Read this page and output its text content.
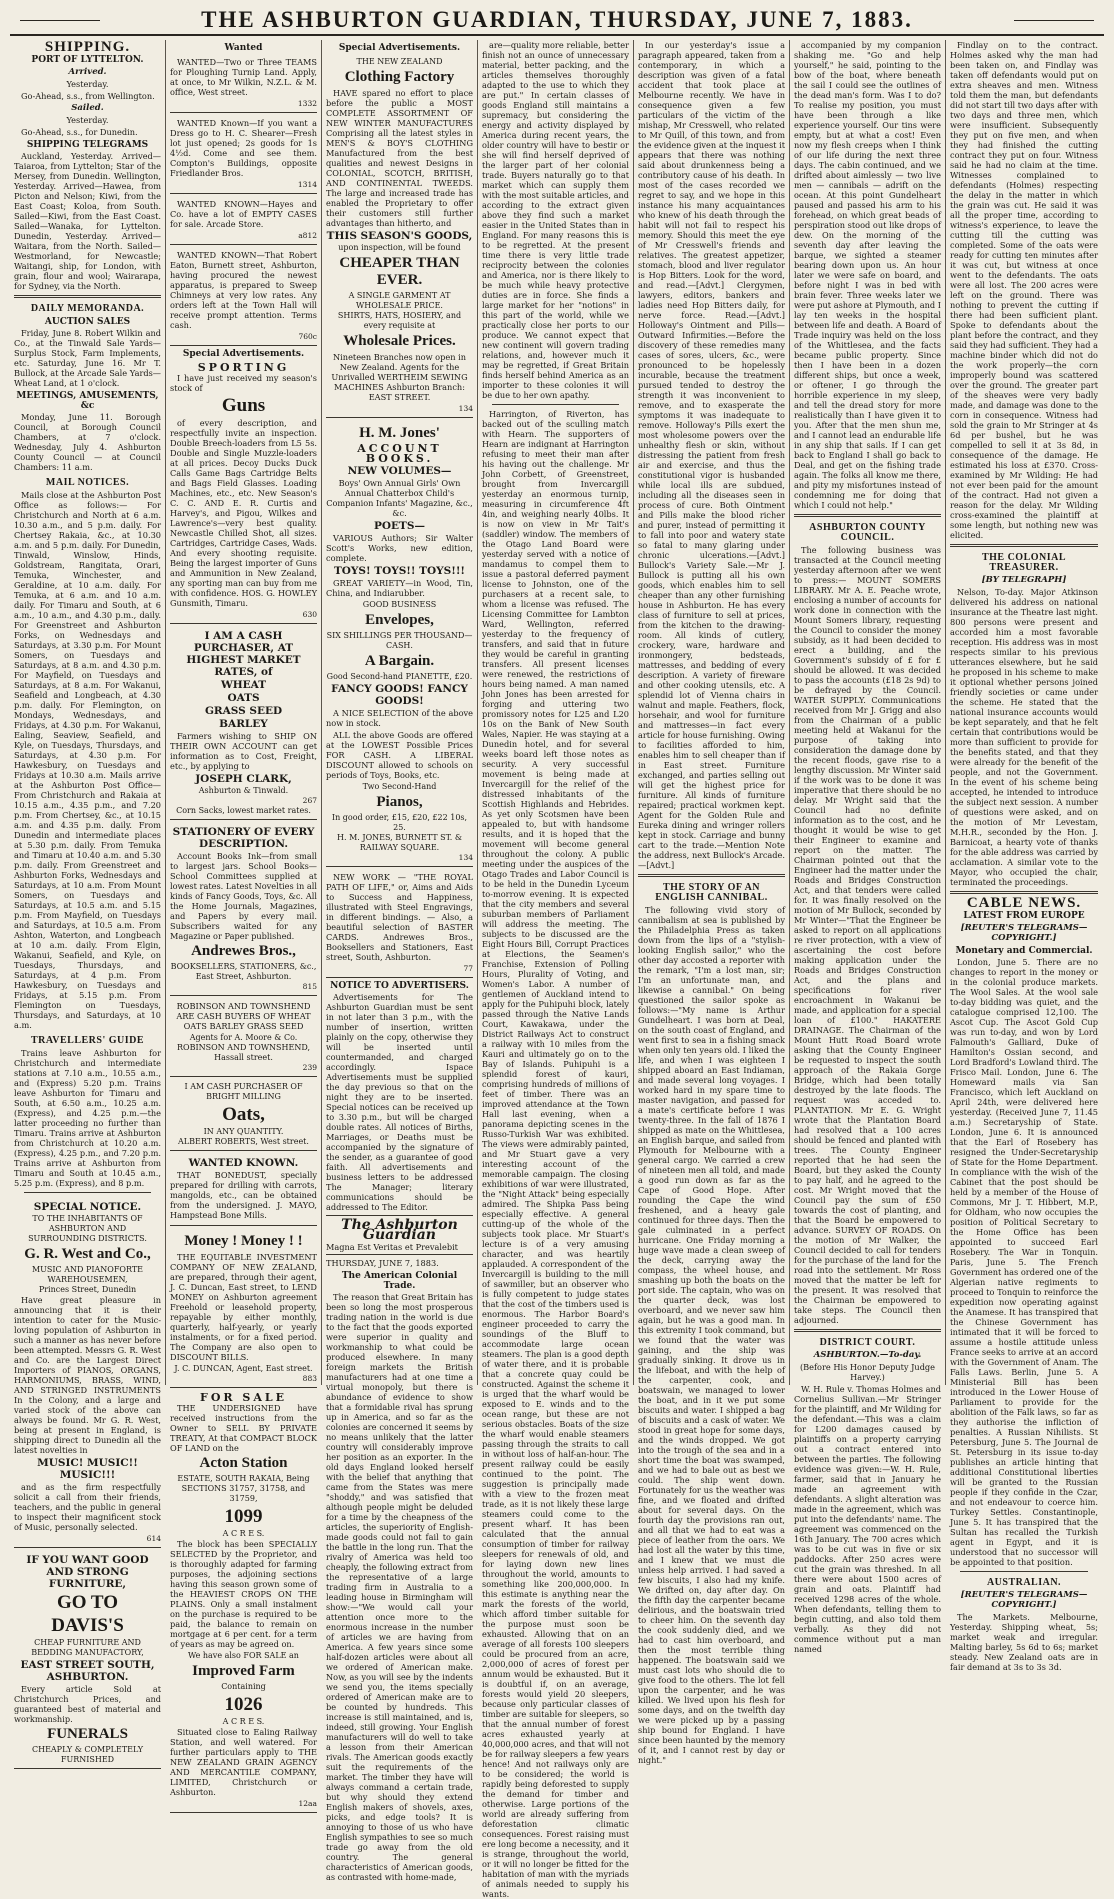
THE ASHBURTON GUARDIAN, THURSDAY, JUNE 7, 1883.
SHIPPING.
PORT OF LYTTELTON.
Arrived.

Yesterday.

Go-Ahead, s.s., from Wellington.

Sailed.

Yesterday.

Go-Ahead, s.s., for Dunedin.

SHIPPING TELEGRAMS

Auckland, Yesterday. Arrived—Taiaroa, from Lyttelton; Star of the Mersey, from Dunedin. Wellington, Yesterday. Arrived—Hawea, from Picton and Nelson; Kiwi, from the East Coast; Koloa, from South. Sailed—Kiwi, from the East Coast. Sailed—Wanaka, for Lyttelton. Dunedin, Yesterday. Arrived—Waitara, from the North. Sailed—Westmorland, for Newcastle; Waitangi, ship, for London, with grain, flour and wool; Wairarapa, for Sydney, via the North.

DAILY MEMORANDA.
AUCTION SALES

Friday, June 8. Robert Wilkin and Co., at the Tinwald Sale Yards—Surplus Stock, Farm Implements, etc. Saturday, June 16. Mr T. Bullock, at the Arcade Sale Yards—Wheat Land, at 1 o'clock.

MEETINGS, AMUSEMENTS, &c

Monday, June 11. Borough Council, at Borough Council Chambers, at 7 o'clock. Wednesday, July 4. Ashburton County Council — at Council Chambers: 11 a.m.

MAIL NOTICES.

Mails close at the Ashburton Post Office as follows:— For Christchurch and North at 6 a.m. 10.30 a.m., and 5 p.m. daily. For Chertsey Rakaia, &c., at 10.30 a.m. and 5 p.m. daily. For Dunedin, Tinwald, Winslow, Hinds, Goldstream, Rangitata, Orari, Temuka, Winchester, and Geraldine, at 10 a.m. daily. For Temuka, at 6 a.m. and 10 a.m. daily. For Timaru and South, at 6 a.m., 10 a.m., and 4.30 p.m., daily. For Greenstreet and Ashburton Forks, on Wednesdays and Saturdays, at 3.30 p.m. For Mount Somers, on Tuesdays and Saturdays, at 8 a.m. and 4.30 p.m. For Mayfield, on Tuesdays and Saturdays, at 8 a.m. For Wakanui, Seafield and Longbeach, at 4.30 p.m. daily. For Flemington, on Mondays, Wednesdays, and Fridays, at 4.30 p.m. For Wakanui, Ealing, Seaview, Seafield, and Kyle, on Tuesdays, Thursdays, and Saturdays, at 4.30 p.m. For Hawkesbury, on Tuesdays and Fridays at 10.30 a.m. Mails arrive at the Ashburton Post Office— From Christchurch and Rakaia at 10.15 a.m., 4.35 p.m., and 7.20 p.m. From Chertsey, &c., at 10.15 a.m. and 4.35 p.m. daily. From Dunedin and intermediate places at 5.30 p.m. daily. From Temuka and Timaru at 10.40 a.m. and 5.30 p.m. daily. From Greenstreet and Ashburton Forks, Wednesdays and Saturdays, at 10 a.m. From Mount Somers, on Tuesdays and Saturdays, at 10.5 a.m. and 5.15 p.m. From Mayfield, on Tuesdays and Saturdays, at 10.5 a.m. From Ashton, Waterton, and Longbeach at 10 a.m. daily. From Elgin, Wakanui, Seafield, and Kyle, on Tuesdays, Thursdays, and Saturdays, at 4 p.m. From Hawkesbury, on Tuesdays and Fridays, at 5.15 p.m. From Flemington on Tuesdays, Thursdays, and Saturdays, at 10 a.m.

TRAVELLERS' GUIDE

Trains leave Ashburton for Christchurch and intermediate stations at 7.10 a.m., 10.55 a.m., and (Express) 5.20 p.m. Trains leave Ashburton for Timaru and South, at 6.50 a.m., 10.25 a.m. (Express), and 4.25 p.m.—the latter proceeding no further than Timaru. Trains arrive at Ashburton from Christchurch at 10.20 a.m. (Express), 4.25 p.m., and 7.20 p.m. Trains arrive at Ashburton from Timaru and South at 10.45 a.m., 5.25 p.m. (Express), and 8 p.m.

SPECIAL NOTICE.
TO THE INHABITANTS OF ASHBURTON AND SURROUNDING DISTRICTS.
G. R. West and Co.,
MUSIC AND PIANOFORTE WAREHOUSEMEN,
Princes Street, Dunedin

Have great pleasure in announcing that it is their intention to cater for the Music-loving population of Ashburton in such a manner as has never before been attempted. Messrs G. R. West and Co. are the Largest Direct Importers of PIANOS, ORGANS, HARMONIUMS, BRASS, WIND, AND STRINGED INSTRUMENTS In the Colony, and a large and varied stock of the above can always be found. Mr G. R. West, being at present in England, is shipping direct to Dunedin all the latest novelties in

MUSIC! MUSIC!! MUSIC!!!

and as the firm respectfully solicit a call from their friends, teachers, and the public in general to inspect their magnificent stock of Music, personally selected.

614
IF YOU WANT GOOD AND STRONG FURNITURE,
GO TO
DAVIS'S
CHEAP FURNITURE AND BEDDING MANUFACTORY,
EAST STREET SOUTH, ASHBURTON.

Every article Sold at Christchurch Prices, and guaranteed best of material and workmanship.

FUNERALS
CHEAPLY & COMPLETELY FURNISHED
Wanted

WANTED—Two or Three TEAMS for Ploughing Turnip Land. Apply, at once, to Mr Wilkin, N.Z.L. & M. office, West street.

1332

WANTED Known—If you want a Dress go to H. C. Shearer—Fresh lot just opened; 2s goods for 1s 4½d. Come and see them. Compton's Buildings, opposite Friedlander Bros.

1314

WANTED KNOWN—Hayes and Co. have a lot of EMPTY CASES for sale. Arcade Store.

a812

WANTED KNOWN—That Robert Eaton, Burnett street, Ashburton, having procured the newest apparatus, is prepared to Sweep Chimneys at very low rates. Any orders left at the Town Hall will receive prompt attention. Terms cash.

760c
Special Advertisements.
SPORTING

I have just received my season's stock of

Guns

of every description, and respectfully invite an inspection. Double Breech-loaders from L5 5s. Double and Single Muzzle-loaders at all prices. Decoy Ducks Duck Calls Game Bags Cartridge Belts and Bags Field Glasses. Loading Machines, etc., etc. New Season's C. C. AND E. R. Curtis and Harvey's, and Pigou, Wilkes and Lawrence's—very best quality. Newcastle Chilled Shot, all sizes. Cartridges, Cartridge Cases, Wads. And every shooting requisite. Being the largest importer of Guns and Ammunition in New Zealand, any sporting man can buy from me with confidence. HOS. G. HOWLEY Gunsmith, Timaru.

630
I AM A CASH PURCHASER, AT HIGHEST MARKET RATES, of
WHEAT
OATS
GRASS SEED
BARLEY

Farmers wishing to SHIP ON THEIR OWN ACCOUNT can get information as to Cost, Freight, etc., by applying to

JOSEPH CLARK,
Ashburton & Tinwald.
267
Corn Sacks, lowest market rates.
STATIONERY OF EVERY DESCRIPTION.

Account Books Ink—from small to largest jars. School Books—School Committees supplied at lowest rates. Latest Novelties in all kinds of Fancy Goods, Toys, &c. All the Home Journals, Magazines, and Papers by every mail. Subscribers waited for any Magazine or Paper published.

Andrewes Bros.,
BOOKSELLERS, STATIONERS, &c., East Street, Ashburton.
815

ROBINSON AND TOWNSHEND ARE CASH BUYERS OF WHEAT OATS BARLEY GRASS SEED

Agents for A. Moore & Co.
ROBINSON AND TOWNSHEND, Hassall street.
239
I AM CASH PURCHASER OF BRIGHT MILLING
Oats,
IN ANY QUANTITY.
ALBERT ROBERTS, West street.
WANTED KNOWN.

THAT BONEDUST, specially prepared for drilling with carrots, mangolds, etc., can be obtained from the undersigned. J. MAYO, Hampstead Bone Mills.

Money ! Money ! !

THE EQUITABLE INVESTMENT COMPANY OF NEW ZEALAND, are prepared, through their agent, J. C. Duncan, East street, to LEND MONEY on Ashburton agreement Freehold or leasehold property, repayable by either monthly, quarterly, half-yearly, or yearly instalments, or for a fixed period. The Company are also open to DISCOUNT BILLS.

J. C. DUNCAN, Agent, East street.
883
FOR SALE

THE UNDERSIGNED have received instructions from the Owner to SELL BY PRIVATE TREATY, At that COMPACT BLOCK OF LAND on the

Acton Station
ESTATE, SOUTH RAKAIA, Being SECTIONS 31757, 31758, and 31759,
1099
A C R E S.

The block has been SPECIALLY SELECTED by the Proprietor, and is thoroughly adapted for farming purposes, the adjoining sections having this season grown some of the HEAVIEST CROPS ON THE PLAINS. Only a small instalment on the purchase is required to be paid, the balance to remain on mortgage at 6 per cent. for a term of years as may be agreed on.

We have also FOR SALE an
Improved Farm
Containing
1026
A C R E S.

Situated close to Ealing Railway Station, and well watered. For further particulars apply to THE NEW ZEALAND GRAIN AGENCY AND MERCANTILE COMPANY, LIMITED, Christchurch or Ashburton.

12aa
Special Advertisements.
THE NEW ZEALAND
Clothing Factory

HAVE spared no effort to place before the public a MOST COMPLETE ASSORTMENT OF NEW WINTER MANUFACTURES Comprising all the latest styles in MEN'S & BOY'S CLOTHING Manufactured from the best qualities and newest Designs in COLONIAL, SCOTCH, BRITISH, AND CONTINENTAL TWEEDS. The large and increased trade has enabled the Proprietary to offer their customers still further advantages than hitherto, and

THIS SEASON'S GOODS,
upon inspection, will be found
CHEAPER THAN EVER.
A SINGLE GARMENT AT WHOLESALE PRICE.
SHIRTS, HATS, HOSIERY, and every requisite at
Wholesale Prices.

Nineteen Branches now open in New Zealand. Agents for the Unrivalled WERTHEIM SEWING MACHINES Ashburton Branch: EAST STREET.

134
H. M. Jones'
ACCOUNT BOOKS.
NEW VOLUMES—

Boys' Own Annual Girls' Own Annual Chatterbox Child's Companion Infants' Magazine, &c., &c.

POETS—

VARIOUS Authors; Sir Walter Scott's Works, new edition, complete.

TOYS! TOYS!! TOYS!!!

GREAT VARIETY—in Wood, Tin, China, and Indiarubber.

GOOD BUSINESS
Envelopes,
SIX SHILLINGS PER THOUSAND—CASH.
A Bargain.
Good Second-hand PIANETTE, £20.
FANCY GOODS! FANCY GOODS!

A NICE SELECTION of the above now in stock.

ALL the above Goods are offered at the LOWEST Possible Prices FOR CASH. A LIBERAL DISCOUNT allowed to schools on periods of Toys, Books, etc.

Two Second-Hand
Pianos,
In good order, £15, £20, £22 10s, 25.
H. M. JONES, BURNETT ST. & RAILWAY SQUARE.
134

NEW WORK — "THE ROYAL PATH OF LIFE," or, Aims and Aids to Success and Happiness, illustrated with Steel Engravings, in different bindings. — Also, a beautiful selection of BASTER CARDS. Andrewes Bros., Booksellers and Stationers, East street, South, Ashburton.

77
NOTICE TO ADVERTISERS.

Advertisements for The Ashburton Guardian must be sent in not later than 3 p.m., with the number of insertion, written plainly on the copy, otherwise they will be inserted until countermanded, and charged accordingly. Ispace Advertisements must be supplied the day previous so that on the night they are to be inserted. Special notices can be received up to 3.30 p.m., but will be charged double rates. All notices of Births, Marriages, or Deaths must be accompanied by the signature of the sender, as a guarantee of good faith. All advertisements and business letters to be addressed The Manager; literary communications should be addressed to The Editor.

The Ashburton Guardian
Magna Est Veritas et Prevalebit
THURSDAY, JUNE 7, 1883.
The American Colonial Trade.

The reason that Great Britain has been so long the most prosperous trading nation in the world is due to the fact that the goods exported were superior in quality and workmanship to what could be produced elsewhere. In many foreign markets the British manufacturers had at one time a virtual monopoly, but there is abundance of evidence to show that a formidable rival has sprung up in America, and so far as the colonies are concerned it seems by no means unlikely that the latter country will considerably improve her position as an exporter. In the old days England looked herself with the belief that anything that came from the States was mere "shoddy," and was satisfied that although people might be deluded for a time by the cheapness of the articles, the superiority of English-made goods could not fail to gain the battle in the long run. That the rivalry of America was held too cheaply, the following extract from the representative of a large trading firm in Australia to a leading house in Birmingham will show:—"We would call your attention once more to the enormous increase in the number of articles we are having from America. A few years since some half-dozen articles were about all we ordered of American make. Now, as you will see by the indents we send you, the items specially ordered of American make are to be counted by hundreds. This increase is still maintained, and is, indeed, still growing. Your English manufacturers will do well to take a lesson from their American rivals. The American goods exactly suit the requirements of the market. The timber they have will always command a certain trade, but why should they extend English makers of shovels, axes, picks, and edge tools? It is annoying to those of us who have English sympathies to see so much trade go away from the old country. The general characteristics of American goods, as contrasted with home-made,

are—quality more reliable, better finish not an ounce of unnecessary material, better packing, and the articles themselves thoroughly adapted to the use to which they are put." In certain classes of goods England still maintains a supremacy, but considering the energy and activity displayed by America during recent years, the older country will have to bestir or she will find herself deprived of the larger part of her colonial trade. Buyers naturally go to that market which can supply them with the most suitable articles, and according to the extract given above they find such a market easier in the United States than in England. For many reasons this is to be regretted. At the present time there is very little trade reciprocity between the colonies and America, nor is there likely to be much while heavy protective duties are in force. She finds a large market for her "notions" in this part of the world, while we practically close her ports to our produce. We cannot expect that new continent will govern trading relations, and, however much it may be regretted, if Great Britain finds herself behind America as an importer to these colonies it will be due to her own apathy.

Harrington, of Riverton, has backed out of the sculling match with Hearn. The supporters of Hearn are indignant at Harrington refusing to meet their man after his having out the challenge. Mr John Corbett, of Greenstreet, brought from Invercargill yesterday an enormous turnip, measuring in circumference 4ft 4in, and weighing nearly 40lbs. It is now on view in Mr Tait's (saddler) window. The members of the Otago Land Board were yesterday served with a notice of mandamus to compel them to issue a pastoral deferred payment license to Johnston, one of the purchasers at a recent sale, to whom a license was refused. The Licensing Committee for Lambton Ward, Wellington, referred yesterday to the frequency of transfers, and said that in future they would be careful in granting transfers. All present licenses were renewed, the restrictions of hours being named. A man named John Jones has been arrested for forging and uttering two promissory notes for L25 and L20 10s on the Bank of New South Wales, Napier. He was staying at a Dunedin hotel, and for several weeks board left those notes as security. A very successful movement is being made at Invercargill for the relief of the distressed inhabitants of the Scottish Highlands and Hebrides. As yet only Scotsmen have been appealed to, but with handsome results, and it is hoped that the movement will become general throughout the colony. A public meeting under the auspices of the Otago Trades and Labor Council is to be held in the Dunedin Lyceum to-morrow evening. It is expected that the city members and several suburban members of Parliament will address the meeting. The subjects to be discussed are the Eight Hours Bill, Corrupt Practices at Elections, the Seamen's Franchise, Extension of Polling Hours, Plurality of Voting, and Women's Labor. A number of gentlemen of Auckland intend to apply for the Puhipuhi block, lately passed through the Native Lands Court, Kawakawa, under the District Railways Act to construct a railway with 10 miles from the Kauri and ultimately go on to the Bay of Islands. Puhipuhi is a splendid forest of kauri, comprising hundreds of millions of feet of timber. There was an improved attendance at the Town Hall last evening, when a panorama depicting scenes in the Russo-Turkish War was exhibited. The views were admirably painted, and Mr Stuart gave a very interesting account of the memorable campaign. The closing exhibitions of war were illustrated, the "Night Attack" being especially admired. The Shipka Pass being especially effective. A general cutting-up of the whole of the subjects took place. Mr Stuart's lecture is of a very amusing character, and was heartily applauded. A correspondent of the Invercargill is building to the mill of sawmiller, but an observer who is fully competent to judge states that the cost of the timbers used is enormous. The Harbor Board's engineer proceeded to carry the soundings of the Bluff to accommodate large ocean steamers. The plan is a good depth of water there, and it is probable that a concrete quay could be constructed. Against the scheme it is urged that the wharf would be exposed to E. winds and to the ocean range, but these are not serious obstacles. Boats of the size the wharf would enable steamers passing through the straits to call in without loss of half-an-hour. The present railway could be easily continued to the point. The suggestion is principally made with a view to the frozen meat trade, as it is not likely these large steamers could come to the present wharf. It has been calculated that the annual consumption of timber for railway sleepers for renewals of old, and for laying down new lines throughout the world, amounts to something like 200,000,000. In this estimate is anything near the mark the forests of the world, which afford timber suitable for the purpose must soon be exhausted. Allowing that on an average of all forests 100 sleepers could be procured from an acre, 2,000,000 of acres of forest per annum would be exhausted. But it is doubtful if, on an average, forests would yield 20 sleepers, because only particular classes of timber are suitable for sleepers, so that the annual number of forest acres exhausted yearly at 40,000,000 acres, and that will not be for railway sleepers a few years hence! And not railways only are to be considered; the world is rapidly being deforested to supply the demand for timber and otherwise. Large portions of the world are already suffering from deforestation climatic consequences. Forest raising must ere long become a necessity, and it is strange, throughout the world, or it will no longer be fitted for the habitation of man with the myriads of animals needed to supply his wants.

In our yesterday's issue a paragraph appeared, taken from a contemporary, in which a description was given of a fatal accident that took place at Melbourne recently. We have in consequence given a few particulars of the victim of the mishap, Mr Cresswell, who related to Mr Quill, of this town, and from the evidence given at the inquest it appears that there was nothing said about drunkenness being a contributory cause of his death. In most of the cases recorded we regret to say, and we hope in this instance his many acquaintances who knew of his death through the habit will not fail to respect his memory. Should this meet the eye of Mr Cresswell's friends and relatives. The greatest appetizer, stomach, blood and liver regulator is Hop Bitters. Look for the word, and read.—[Advt.] Clergymen, lawyers, editors, bankers and ladies need Hop Bitters daily, for nerve force. Read.—[Advt.] Holloway's Ointment and Pills—Outward Infirmities.—Before the discovery of these remedies many cases of sores, ulcers, &c., were pronounced to be hopelessly incurable, because the treatment pursued tended to destroy the strength it was inconvenient to remove, and to exasperate the symptoms it was inadequate to remove. Holloway's Pills exert the most wholesome powers over the unhealthy flesh or skin, without distressing the patient from fresh air and exercise, and thus the constitutional vigor is husbanded while local ills are subdued, including all the diseases seen in process of cure. Both Ointment and Pills make the blood richer and purer, instead of permitting it to fall into poor and watery state so fatal to many glaring under chronic ulcerations.—[Advt.] Bullock's Variety Sale.—Mr J. Bullock is putting all his own goods, which enables him to sell cheaper than any other furnishing house in Ashburton. He has every class of furniture to sell at prices, from the kitchen to the drawing-room. All kinds of cutlery, crockery, ware, hardware and ironmongery, bedsteads, mattresses, and bedding of every description. A variety of fireware and other cooking utensils, etc. A splendid lot of Vienna chairs in walnut and maple. Feathers, flock, horsehair, and wool for furniture and mattresses—in fact every article for house furnishing. Owing to facilities afforded to him, enables him to sell cheaper than if in East street. Furniture exchanged, and parties selling out will get the highest price for furniture. All kinds of furniture repaired; practical workmen kept. Agent for the Golden Rule and Eureka dining and wringer rollers kept in stock. Carriage and bunny cart to the trade.—Mention Note the address, next Bullock's Arcade.—[Advt.]

THE STORY OF AN ENGLISH CANNIBAL.

The following vivid story of cannibalism at sea is published by the Philadelphia Press as taken down from the lips of a "stylish-looking English sailor," who the other day accosted a reporter with the remark, "I'm a lost man, sir; I'm an unfortunate man, and likewise a cannibal." On being questioned the sailor spoke as follows:—"My name is Arthur Gundelheart. I was born at Deal, on the south coast of England, and went first to sea in a fishing smack when only ten years old. I liked the life, and when I was eighteen I shipped aboard an East Indiaman, and made several long voyages. I worked hard in my spare time to master navigation, and passed for a mate's certificate before I was twenty-three. In the fall of 1876 I shipped as mate on the Whittlesea, an English barque, and sailed from Plymouth for Melbourne with a general cargo. We carried a crew of nineteen men all told, and made a good run down as far as the Cape of Good Hope. After rounding the Cape the wind freshened, and a heavy gale continued for three days. Then the gale culminated in a perfect hurricane. One Friday morning a huge wave made a clean sweep of the deck, carrying away the compass, the wheel house, and smashing up both the boats on the port side. The captain, who was on the quarter deck, was lost overboard, and we never saw him again, but he was a good man. In this extremity I took command, but we found that the water was gaining, and the ship was gradually sinking. It drove us in the lifeboat, and with the help of the carpenter, cook, and boatswain, we managed to lower the boat, and in it we put some biscuits and water. I shipped a bag of biscuits and a cask of water. We stood in great hope for some days, and the winds dropped. We got into the trough of the sea and in a short time the boat was swamped, and we had to bale out as best we could. The ship went down. Fortunately for us the weather was fine, and we floated and drifted about for several days. On the fourth day the provisions ran out, and all that we had to eat was a piece of leather from the oars. We had lost all the water by this time, and I knew that we must die unless help arrived. I had saved a few biscuits, I also had my knife. We drifted on, day after day. On the fifth day the carpenter became delirious, and the boatswain tried to cheer him. On the seventh day the cook suddenly died, and we had to cast him overboard, and then the most terrible thing happened. The boatswain said we must cast lots who should die to give food to the others. The lot fell upon the carpenter, and he was killed. We lived upon his flesh for some days, and on the twelfth day we were picked up by a passing ship bound for England. I have since been haunted by the memory of it, and I cannot rest by day or night."

accompanied by my companion shaking me. "Go and help yourself," he said, pointing to the bow of the boat, where beneath the sail I could see the outlines of the dead man's form. Was I to do? To realise my position, you must have been through a like experience yourself. Our tins were empty, but at what a cost! Even now my flesh creeps when I think of our life during the next three days. The cabin continued, and we drifted about aimlessly — two live men — cannibals — adrift on the ocean. At this point Gundelheart paused and passed his arm to his forehead, on which great beads of perspiration stood out like drops of dew. On the morning of the seventh day after leaving the barque, we sighted a steamer bearing down upon us. An hour later we were safe on board, and before night I was in bed with brain fever. Three weeks later we were put ashore at Plymouth, and I lay ten weeks in the hospital between life and death. A Board of Trade inquiry was held on the loss of the Whittlesea, and the facts became public property. Since then I have been in a dozen different ships, but once a week, or oftener, I go through the horrible experience in my sleep, and tell the dread story for more realistically than I have given it to you. After that the men shun me, and I cannot lead an endurable life in any ship that sails. If I can get back to England I shall go back to Deal, and get on the fishing trade again. The folks all know me there, and pity my misfortunes instead of condemning me for doing that which I could not help."

ASHBURTON COUNTY COUNCIL.

The following business was transacted at the Council meeting yesterday afternoon after we went to press:— MOUNT SOMERS LIBRARY. Mr A. E. Peache wrote, enclosing a number of accounts for work done in connection with the Mount Somers library, requesting the Council to consider the money subsidy, as it had been decided to erect a building, and the Government's subsidy of £ for £ should be allowed. It was decided to pass the accounts (£18 2s 9d) to be defrayed by the Council. WATER SUPPLY. Communications received from Mr J. Grigg and also from the Chairman of a public meeting held at Wakanui for the purpose of taking into consideration the damage done by the recent floods, gave rise to a lengthy discussion. Mr Winter said if the work was to be done it was imperative that there should be no delay. Mr Wright said that the Council had no definite information as to the cost, and he thought it would be wise to get their Engineer to examine and report on the matter. The Chairman pointed out that the Engineer had the matter under the Roads and Bridges Construction Act, and that tenders were called for. It was finally resolved on the motion of Mr Bullock, seconded by Mr Winter—"That the Engineer be asked to report on all applications re river protection, with a view of ascertaining the cost before making application under the Roads and Bridges Construction Act, and the plans and specifications for river encroachment in Wakanui be made, and application for a special loan of £100." HAKATERE DRAINAGE. The Chairman of the Mount Hutt Road Board wrote asking that the County Engineer be requested to inspect the south approach of the Rakaia Gorge Bridge, which had been totally destroyed by the late floods. The request was acceded to. PLANTATION. Mr E. G. Wright wrote that the Plantation Board had resolved that a 100 acres should be fenced and planted with trees. The County Engineer reported that he had seen the Board, but they asked the County to pay half, and he agreed to the cost. Mr Wright moved that the Council pay the sum of £50 towards the cost of planting, and that the Board be empowered to advance. SURVEY OF ROADS. On the motion of Mr Walker, the Council decided to call for tenders for the purchase of the land for the road into the settlement. Mr Ross moved that the matter be left for the present. It was resolved that the Chairman be empowered to take steps. The Council then adjourned.

DISTRICT COURT.
ASHBURTON.—To-day.

(Before His Honor Deputy Judge Harvey.)

W. H. Rule v. Thomas Holmes and Cornelius Sullivan.—Mr Stringer for the plaintiff, and Mr Wilding for the defendant.—This was a claim for L200 damages caused by plaintiffs on a property carrying out a contract entered into between the parties. The following evidence was given:—W. H. Rule, farmer, said that in January he made an agreement with defendants. A slight alteration was made in the agreement, which was put into the defendants' name. The agreement was commenced on the 16th January. The 700 acres which was to be cut was in five or six paddocks. After 250 acres were cut the grain was threshed. In all there were about 1500 acres of grain and oats. Plaintiff had received 1298 acres of the whole. When defendants, telling them to begin cutting, and also told them verbally. As they did not commence without put a man named

Findlay on to the contract. Holmes asked why the man had been taken on, and Findlay was taken off defendants would put on extra sheaves and men. Witness told them the man, but defendants did not start till two days after with two days and three men, which were insufficient. Subsequently they put on five men, and when they had finished the cutting contract they put on four. Witness said he had no claim at the time. Witnesses complained to defendants (Holmes) respecting the delay in the matter in which the grain was cut. He said it was all the proper time, according to witness's experience, to leave the cutting till the cutting was completed. Some of the oats were ready for cutting ten minutes after it was cut, but witness at once went to the defendants. The oats were all lost. The 200 acres were left on the ground. There was nothing to prevent the cutting if there had been sufficient plant. Spoke to defendants about the plant before the contract, and they said they had sufficient. They had a machine binder which did not do the work properly—the corn improperly bound was scattered over the ground. The greater part of the sheaves were very badly made, and damage was done to the corn in consequence. Witness had sold the grain to Mr Stringer at 4s 6d per bushel, but he was compelled to sell it at 3s 8d, in consequence of the damage. He estimated his loss at £370. Cross-examined by Mr Wilding: He had not ever been paid for the amount of the contract. Had not given a reason for the delay. Mr Wilding cross-examined the plaintiff at some length, but nothing new was elicited.

THE COLONIAL TREASURER.
[BY TELEGRAPH]

Nelson, To-day. Major Atkinson delivered his address on national insurance at the Theatre last night. 800 persons were present and accorded him a most favorable reception. His address was in most respects similar to his previous utterances elsewhere, but he said he proposed in his scheme to make it optional whether persons joined friendly societies or came under the scheme. He stated that the national insurance accounts would be kept separately, and that he felt certain that contributions would be more than sufficient to provide for the benefits stated, and that they were already for the benefit of the people, and not the Government. In the event of his scheme being accepted, he intended to introduce the subject next session. A number of questions were asked, and on the motion of Mr Levestam, M.H.R., seconded by the Hon. J. Barnicoat, a hearty vote of thanks for the able address was carried by acclamation. A similar vote to the Mayor, who occupied the chair, terminated the proceedings.

CABLE NEWS.
LATEST FROM EUROPE
[REUTER'S TELEGRAMS—COPYRIGHT.]
Monetary and Commercial.

London, June 5. There are no changes to report in the money or in the colonial produce markets. The Wool Sales. At the wool sale to-day bidding was quiet, and the catalogue comprised 12,100. The Ascot Cup. The Ascot Gold Cup was run to-day, and won by Lord Falmouth's Galliard, Duke of Hamilton's Ossian second, and Lord Bradford's Lowland third. The Frisco Mail. London, June 6. The Homeward mails via San Francisco, which left Auckland on April 24th, were delivered here yesterday. (Received June 7, 11.45 a.m.) Secretaryship of State. London, June 6. It is announced that the Earl of Rosebery has resigned the Under-Secretaryship of State for the Home Department. In compliance with the wish of the Cabinet that the post should be held by a member of the House of Commons, Mr J. T. Hibbert, M.P., for Oldham, who now occupies the position of Political Secretary to the Home Office has been appointed to succeed Earl Rosebery. The War in Tonquin. Paris, June 5. The French Government has ordered one of the Algerian native regiments to proceed to Tonquin to reinforce the expedition now operating against the Anamese. It has transpired that the Chinese Government has intimated that it will be forced to assume a hostile attitude unless France seeks to arrive at an accord with the Government of Anam. The Falls Laws. Berlin, June 5. A Ministerial Bill has been introduced in the Lower House of Parliament to provide for the abolition of the Falk laws, so far as they authorise the infliction of penalties. A Russian Nihilists. St Petersburg, June 5. The Journal de St. Petersburg in its issue to-day publishes an article hinting that additional Constitutional liberties will be granted to the Russian people if they confide in the Czar, and not endeavour to coerce him. Turkey Settles. Constantinople, June 5. It has transpired that the Sultan has recalled the Turkish agent in Egypt, and it is understood that no successor will be appointed to that position.

AUSTRALIAN.
[REUTER'S TELEGRAMS—COPYRIGHT.]

The Markets. Melbourne, Yesterday. Shipping wheat, 5s; market weak and irregular. Malting barley, 5s 6d to 6s; market steady. New Zealand oats are in fair demand at 3s to 3s 3d.
